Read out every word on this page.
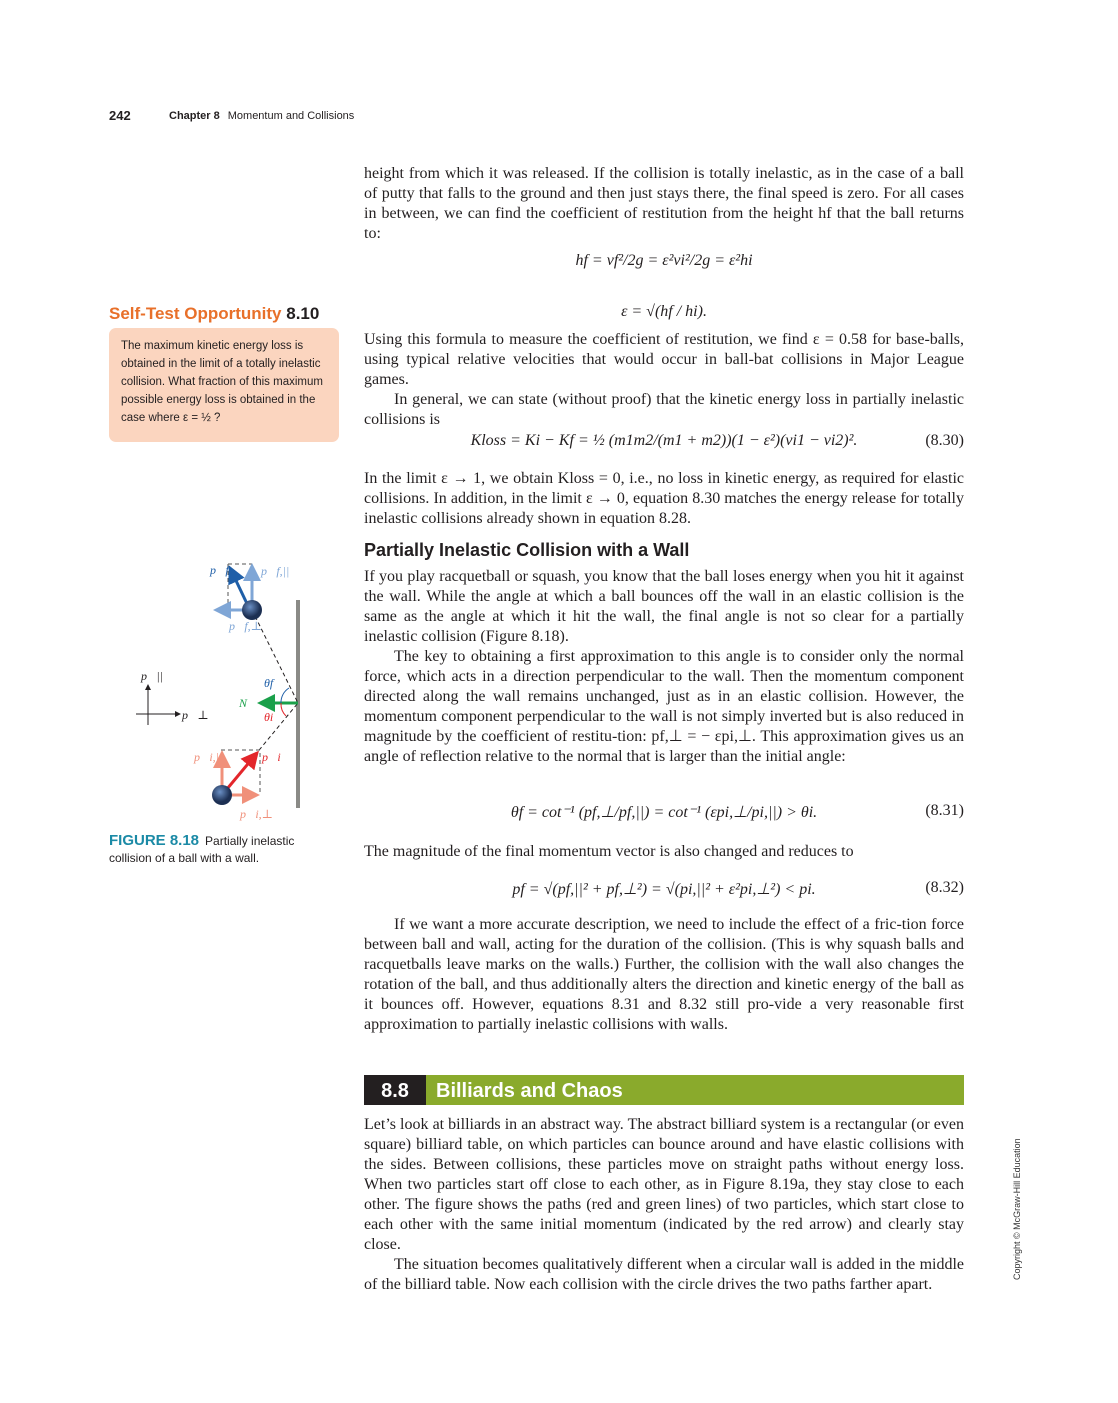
242	Chapter 8 Momentum and Collisions
height from which it was released. If the collision is totally inelastic, as in the case of a ball of putty that falls to the ground and then just stays there, the final speed is zero. For all cases in between, we can find the coefficient of restitution from the height hf that the ball returns to:
hf = vf²/2g = ε²vi²/2g = ε²hi
ε = √(hf / hi).
Using this formula to measure the coefficient of restitution, we find ε = 0.58 for base-balls, using typical relative velocities that would occur in ball-bat collisions in Major League games.
In general, we can state (without proof) that the kinetic energy loss in partially inelastic collisions is
Kloss = Ki − Kf = ½ (m1m2/(m1 + m2))(1 − ε²)(vi1 − vi2)².	(8.30)
In the limit ε → 1, we obtain Kloss = 0, i.e., no loss in kinetic energy, as required for elastic collisions. In addition, in the limit ε → 0, equation 8.30 matches the energy release for totally inelastic collisions already shown in equation 8.28.
Partially Inelastic Collision with a Wall
If you play racquetball or squash, you know that the ball loses energy when you hit it against the wall. While the angle at which a ball bounces off the wall in an elastic collision is the same as the angle at which it hit the wall, the final angle is not so clear for a partially inelastic collision (Figure 8.18).
The key to obtaining a first approximation to this angle is to consider only the normal force, which acts in a direction perpendicular to the wall. Then the momentum component directed along the wall remains unchanged, just as in an elastic collision. However, the momentum component perpendicular to the wall is not simply inverted but is also reduced in magnitude by the coefficient of restitu-tion: pf,⊥ = − εpi,⊥. This approximation gives us an angle of reflection relative to the normal that is larger than the initial angle:
θf = cot⁻¹ (pf,⊥/pf,||) = cot⁻¹ (εpi,⊥/pi,||) > θi.	(8.31)
The magnitude of the final momentum vector is also changed and reduces to
pf = √(pf,||² + pf,⊥²) = √(pi,||² + ε²pi,⊥²) < pi.	(8.32)
If we want a more accurate description, we need to include the effect of a fric-tion force between ball and wall, acting for the duration of the collision. (This is why squash balls and racquetballs leave marks on the walls.) Further, the collision with the wall also changes the rotation of the ball, and thus additionally alters the direction and kinetic energy of the ball as it bounces off. However, equations 8.31 and 8.32 still pro-vide a very reasonable first approximation to partially inelastic collisions with walls.
8.8	Billiards and Chaos
Let’s look at billiards in an abstract way. The abstract billiard system is a rectangular (or even square) billiard table, on which particles can bounce around and have elastic collisions with the sides. Between collisions, these particles move on straight paths without energy loss. When two particles start off close to each other, as in Figure 8.19a, they stay close to each other. The figure shows the paths (red and green lines) of two particles, which start close to each other with the same initial momentum (indicated by the red arrow) and clearly stay close.
The situation becomes qualitatively different when a circular wall is added in the middle of the billiard table. Now each collision with the circle drives the two paths farther apart.
Self-Test Opportunity 8.10
The maximum kinetic energy loss is obtained in the limit of a totally inelastic collision. What fraction of this maximum possible energy loss is obtained in the case where ε = ½ ?
p⃗f	p⃗f,||
p⃗f,⊥
p⃗||
p⃗⊥
N⃗
θf
θi
p⃗i
p⃗i,||
p⃗i,⊥
FIGURE 8.18 Partially inelastic collision of a ball with a wall.
Copyright © McGraw-Hill Education
